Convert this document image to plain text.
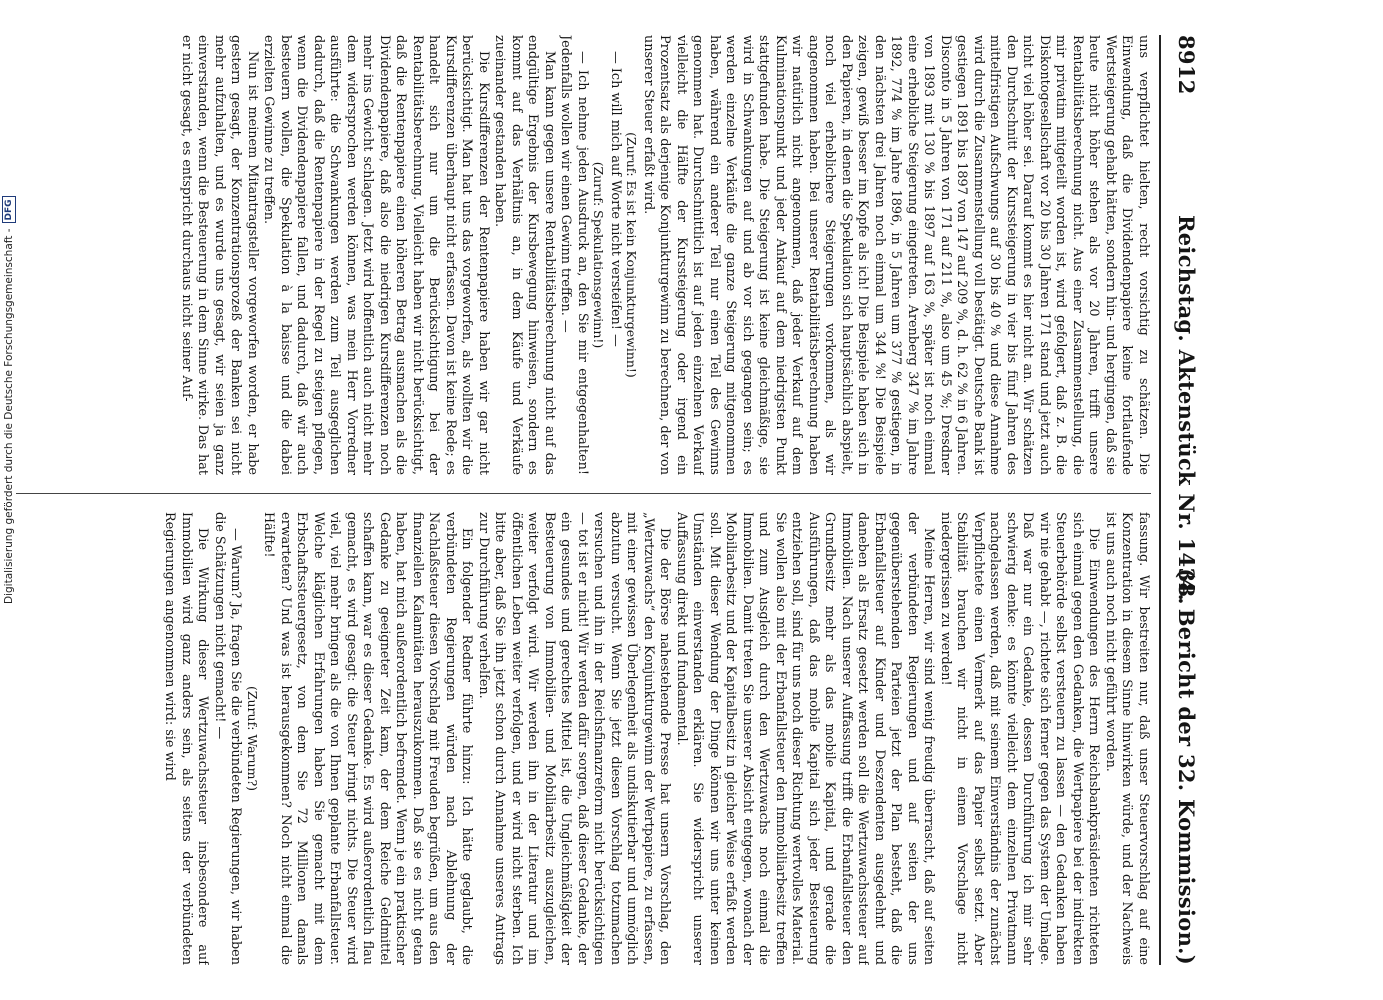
8912
Reichstag. Aktenstück Nr. 1438.
(4. Bericht der 32. Kommission.)

uns verpflichtet hielten, recht vorsichtig zu schätzen. Die Einwendung, daß die Dividendenpapiere keine fortlaufende Wertsteigerung gehabt hätten, sondern hin- und hergingen, daß sie heute nicht höher stehen als vor 20 Jahren, trifft unsere Rentabilitätsberechnung nicht. Aus einer Zusammenstellung, die mir privatim mitgeteilt worden ist, wird gefolgert, daß z. B. die Diskontogesellschaft vor 20 bis 30 Jahren 171 stand und jetzt auch nicht viel höher sei. Darauf kommt es hier nicht an. Wir schätzen den Durchschnitt der Kurssteigerung in vier bis fünf Jahren des mittelfristigen Aufschwungs auf 30 bis 40 % und diese Annahme wird durch die Zusammenstellung voll bestätigt. Deutsche Bank ist gestiegen 1891 bis 1897 von 147 auf 209 %, d. h. 62 % in 6 Jahren. Disconto in 5 Jahren von 171 auf 211 %, also um 45 %; Dresdner von 1893 mit 130 % bis 1897 auf 163 %, später ist noch einmal eine erhebliche Steigerung eingetreten. Arenberg 347 % im Jahre 1892, 774 % im Jahre 1896, in 5 Jahren um 377 % gestiegen, in den nächsten drei Jahren noch einmal um 344 %! Die Beispiele zeigen, gewiß besser im Kopfe als ich! Die Beispiele haben sich in den Papieren, in denen die Spekulation sich hauptsächlich abspielt, noch viel erheblichere Steigerungen vorkommen, als wir angenommen haben. Bei unserer Rentabilitätsberechnung haben wir natürlich nicht angenommen, daß jeder Verkauf auf dem Kulminationspunkt und jeder Ankauf auf dem niedrigsten Punkt stattgefunden habe. Die Steigerung ist keine gleichmäßige, sie wird in Schwankungen auf und ab vor sich gegangen sein; es werden einzelne Verkäufe die ganze Steigerung mitgenommen haben, während ein anderer Teil nur einen Teil des Gewinns genommen hat. Durchschnittlich ist auf jeden einzelnen Verkauf vielleicht die Hälfte der Kurssteigerung oder irgend ein Prozentsatz als derjenige Konjunkturgewinn zu berechnen, der von unserer Steuer erfaßt wird.

(Zuruf: Es ist kein Konjunkturgewinn!)

— Ich will mich auf Worte nicht versteifen! —

(Zuruf: Spekulationsgewinn!)

— Ich nehme jeden Ausdruck an, den Sie mir entgegenhalten! Jedenfalls wollen wir einen Gewinn treffen. —

Man kann gegen unsere Rentabilitätsberechnung nicht auf das endgültige Ergebnis der Kursbewegung hinweisen, sondern es kommt auf das Verhältnis an, in dem Käufe und Verkäufe zueinander gestanden haben.

Die Kursdifferenzen der Rentenpapiere haben wir gar nicht berücksichtigt. Man hat uns das vorgeworfen, als wollten wir die Kursdifferenzen überhaupt nicht erfassen. Davon ist keine Rede; es handelt sich nur um die Berücksichtigung bei der Rentabilitätsberechnung. Vielleicht haben wir nicht berücksichtigt, daß die Rentenpapiere einen höheren Betrag ausmachen als die Dividendenpapiere, daß also die niedrigen Kursdifferenzen noch mehr ins Gewicht schlagen. Jetzt wird hoffentlich auch nicht mehr dem widersprochen werden können, was mein Herr Vorredner ausführte: die Schwankungen werden zum Teil ausgeglichen dadurch, daß die Rentenpapiere in der Regel zu steigen pflegen, wenn die Dividendenpapiere fallen, und dadurch, daß wir auch besteuern wollen, die Spekulation à la baisse und die dabei erzielten Gewinne zu treffen.

Nun ist meinem Mitantragsteller vorgeworfen worden, er habe gestern gesagt, der Konzentrationsprozeß der Banken sei nicht mehr aufzuhalten, und es wurde uns gesagt, wir seien ja ganz einverstanden, wenn die Besteuerung in dem Sinne wirke. Das hat er nicht gesagt, es entspricht durchaus nicht seiner Auf-

fassung. Wir bestreiten nur, daß unser Steuervorschlag auf eine Konzentration in diesem Sinne hinwirken würde, und der Nachweis ist uns auch noch nicht geführt worden.

Die Einwendungen des Herrn Reichsbankpräsidenten richteten sich einmal gegen den Gedanken, die Wertpapiere bei der indirekten Steuerbehörde selbst versteuern zu lassen — den Gedanken haben wir nie gehabt —, richtete sich ferner gegen das System der Umlage. Daß war nur ein Gedanke, dessen Durchführung ich mir sehr schwierig denke: es könnte vielleicht dem einzelnen Privatmann nachgelassen werden, daß mit seinem Einverständnis der zunächst Verpflichtete einen Vermerk auf das Papier selbst setzt. Aber Stabilität brauchen wir nicht in einem Vorschlage nicht niedergerissen zu werden!

Meine Herren, wir sind wenig freudig überrascht, daß auf seiten der verbündeten Regierungen und auf seiten der uns gegenüberstehenden Parteien jetzt der Plan besteht, daß die Erbanfallsteuer auf Kinder und Deszendenten ausgedehnt und daneben als Ersatz gesetzt werden soll die Wertzuwachssteuer auf Immobilien. Nach unserer Auffassung trifft die Erbanfallsteuer den Grundbesitz mehr als das mobile Kapital, und gerade die Ausführungen, daß das mobile Kapital sich jeder Besteuerung entziehen soll, sind für uns noch dieser Richtung wertvolles Material. Sie wollen also mit der Erbanfallsteuer den Immobiliarbesitz treffen und zum Ausgleich durch den Wertzuwachs noch einmal die Immobilien. Damit treten Sie unserer Absicht entgegen, wonach der Mobiliarbesitz und der Kapitalbesitz in gleicher Weise erfaßt werden soll. Mit dieser Wendung der Dinge können wir uns unter keinen Umständen einverstanden erklären. Sie widerspricht unserer Auffassung direkt und fundamental.

Die der Börse nahestehende Presse hat unsern Vorschlag, den „Wertzuwachs“ den Konjunkturgewinn der Wertpapiere, zu erfassen, mit einer gewissen Überlegenheit als undiskutierbar und unmöglich abzutun versucht. Wenn Sie jetzt diesen Vorschlag totzumachen versuchen und ihn in der Reichsfinanzreform nicht berücksichtigen — tot ist er nicht! Wir werden dafür sorgen, daß dieser Gedanke, der ein gesundes und gerechtes Mittel ist, die Ungleichmäßigkeit der Besteuerung von Immobilien- und Mobiliarbesitz auszugleichen, weiter verfolgt wird. Wir werden ihn in der Literatur und im öffentlichen Leben weiter verfolgen, und er wird nicht sterben. Ich bitte aber, daß Sie ihn jetzt schon durch Annahme unseres Antrags zur Durchführung verhelfen.

Ein folgender Redner führte hinzu: Ich hätte geglaubt, die verbündeten Regierungen würden nach Ablehnung der Nachlaßsteuer diesen Vorschlag mit Freuden begrüßen, um aus den finanziellen Kalamitäten herauszukommen. Daß sie es nicht getan haben, hat mich außerordentlich befremdet. Wenn je ein praktischer Gedanke zu geeigneter Zeit kam, der dem Reiche Geldmittel schaffen kann, war es dieser Gedanke. Es wird außerordentlich flau gemacht, es wird gesagt: die Steuer bringt nichts. Die Steuer wird viel, viel mehr bringen als die von Ihnen geplante Erbanfallsteuer. Welche kläglichen Erfahrungen haben Sie gemacht mit dem Erbschaftssteuergesetz, von dem Sie 72 Millionen damals erwarteten? Und was ist herausgekommen? Noch nicht einmal die Hälfte!

(Zuruf: Warum?)

— Warum? Ja, fragen Sie die verbündeten Regierungen, wir haben die Schätzungen nicht gemacht! —

Die Wirkung dieser Wertzuwachssteuer insbesondere auf Immobilien wird ganz anders sein, als seitens der verbündeten Regierungen angenommen wird: sie wird

Digitalisierung gefördert durch die Deutsche Forschungsgemeinschaft -
DFG
